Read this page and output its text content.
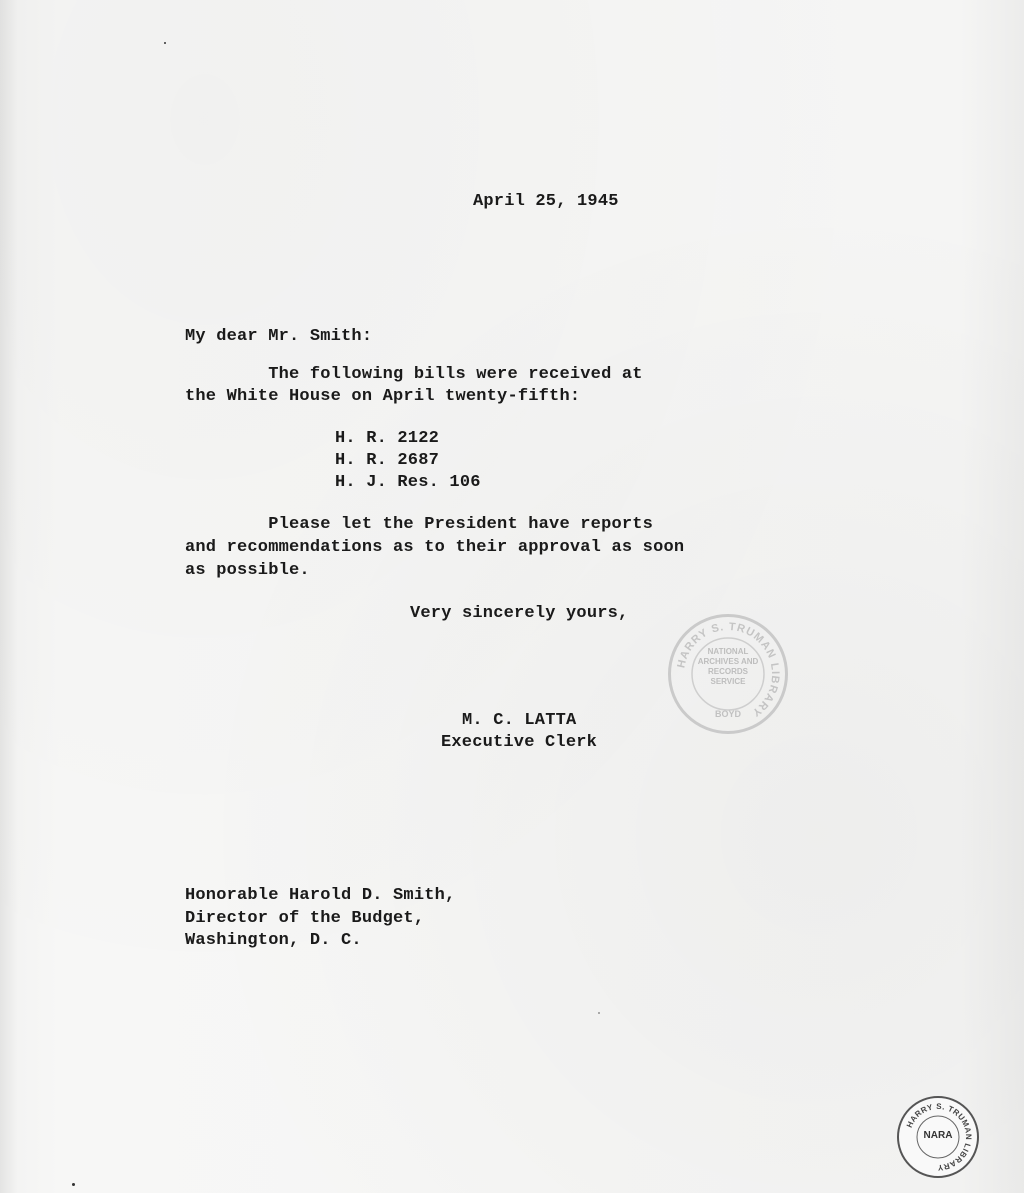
April 25, 1945
My dear Mr. Smith:
The following bills were received at
the White House on April twenty-fifth:
H. R. 2122
H. R. 2687
H. J. Res. 106
Please let the President have reports
and recommendations as to their approval as soon
as possible.
Very sincerely yours,
M. C. LATTA
Executive Clerk
Honorable Harold D. Smith,
Director of the Budget,
Washington, D. C.
HARRY S. TRUMAN LIBRARY
NATIONAL
ARCHIVES AND
RECORDS
SERVICE
BOYD
HARRY S. TRUMAN LIBRARY
NARA
